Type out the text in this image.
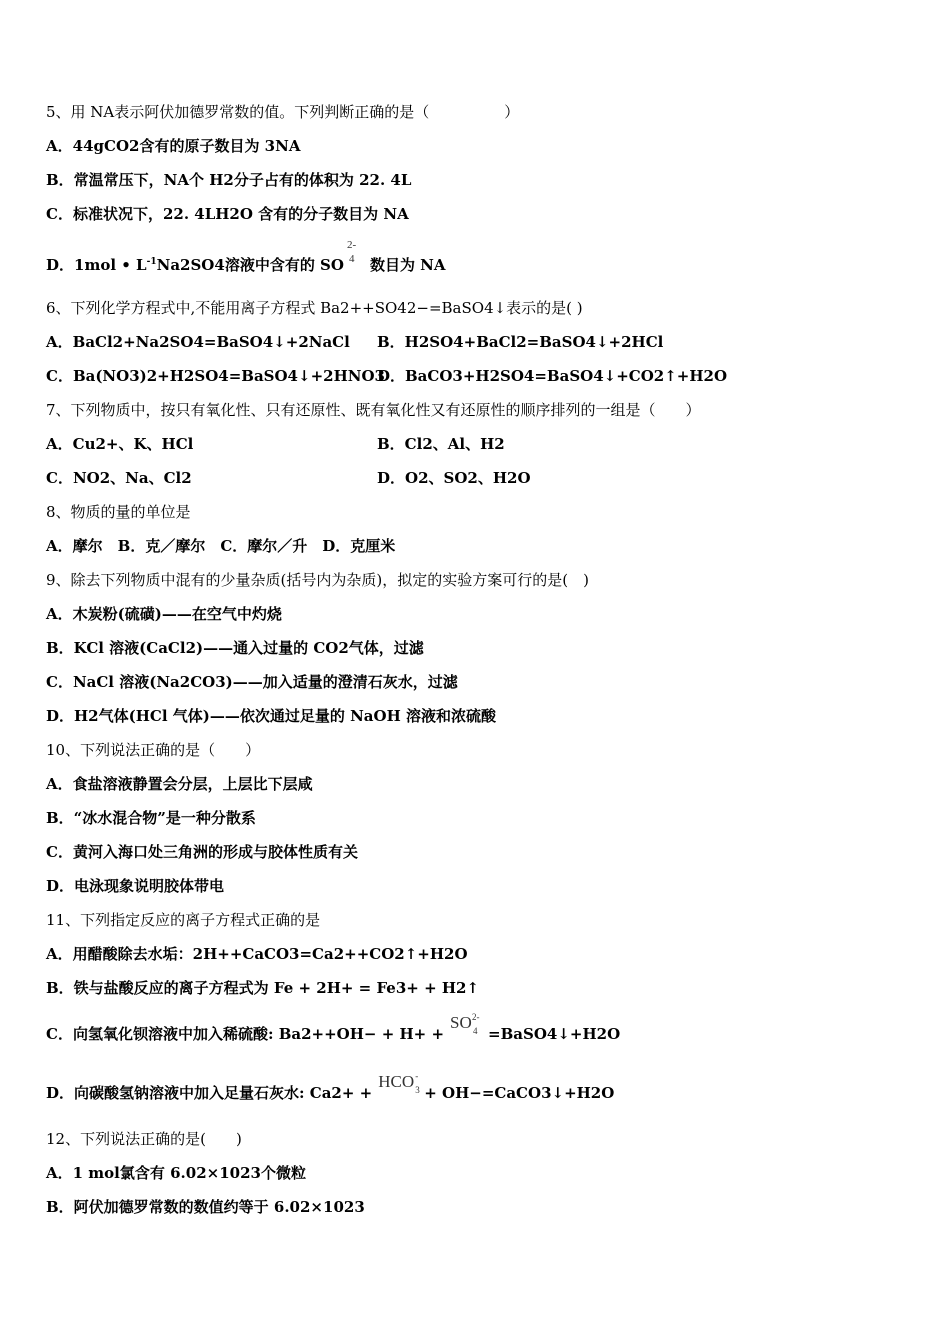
5、用 NA表示阿伏加德罗常数的值。下列判断正确的是（　　　　　）
A．44gCO2含有的原子数目为 3NA
B．常温常压下，NA个 H2分子占有的体积为 22. 4L
C．标准状况下，22. 4LH2O 含有的分子数目为 NA
D．1mol • $L^{-1}Na2SO4$溶液中含有的 SO
2-
4 数目为 NA
6、下列化学方程式中,不能用离子方程式 Ba2++SO42−=BaSO4↓表示的是( )
A．BaCl2+Na2SO4=BaSO4↓+2NaCl B．H2SO4+BaCl2=BaSO4↓+2HCl
C．Ba(NO3)2+H2SO4=BaSO4↓+2HNO3
D．BaCO3+H2SO4=BaSO4↓+CO2↑+H2O
7、下列物质中，按只有氧化性、只有还原性、既有氧化性又有还原性的顺序排列的一组是（　　）
A．Cu2+、K、HCl	B．Cl2、Al、H2
C．NO2、Na、Cl2	D．O2、SO2、H2O
8、物质的量的单位是
A．摩尔　B．克／摩尔　C．摩尔／升　D．克厘米
9、除去下列物质中混有的少量杂质(括号内为杂质)，拟定的实验方案可行的是(　)
A．木炭粉(硫磺)——在空气中灼烧
B．KCl 溶液(CaCl2)——通入过量的 CO2气体，过滤
C．NaCl 溶液(Na2CO3)——加入适量的澄清石灰水，过滤
D．H2气体(HCl 气体)——依次通过足量的 NaOH 溶液和浓硫酸
10、下列说法正确的是（　　）
A．食盐溶液静置会分层，上层比下层咸
B．“冰水混合物”是一种分散系
C．黄河入海口处三角洲的形成与胶体性质有关
D．电泳现象说明胶体带电
11、下列指定反应的离子方程式正确的是
A．用醋酸除去水垢：2H++CaCO3=Ca2++CO2↑+H2O
B．铁与盐酸反应的离子方程式为 Fe + 2H+ = Fe3+ + H2↑
C．向氢氧化钡溶液中加入稀硫酸: Ba2++OH− + H+ +
SO 2-
4 =BaSO4↓+H2O
D．向碳酸氢钠溶液中加入足量石灰水: Ca2+ +
HCO -
3 + OH−=CaCO3↓+H2O
12、下列说法正确的是(　　)
A．1 mol氯含有 6.02×1023个微粒
B．阿伏加德罗常数的数值约等于 6.02×1023
